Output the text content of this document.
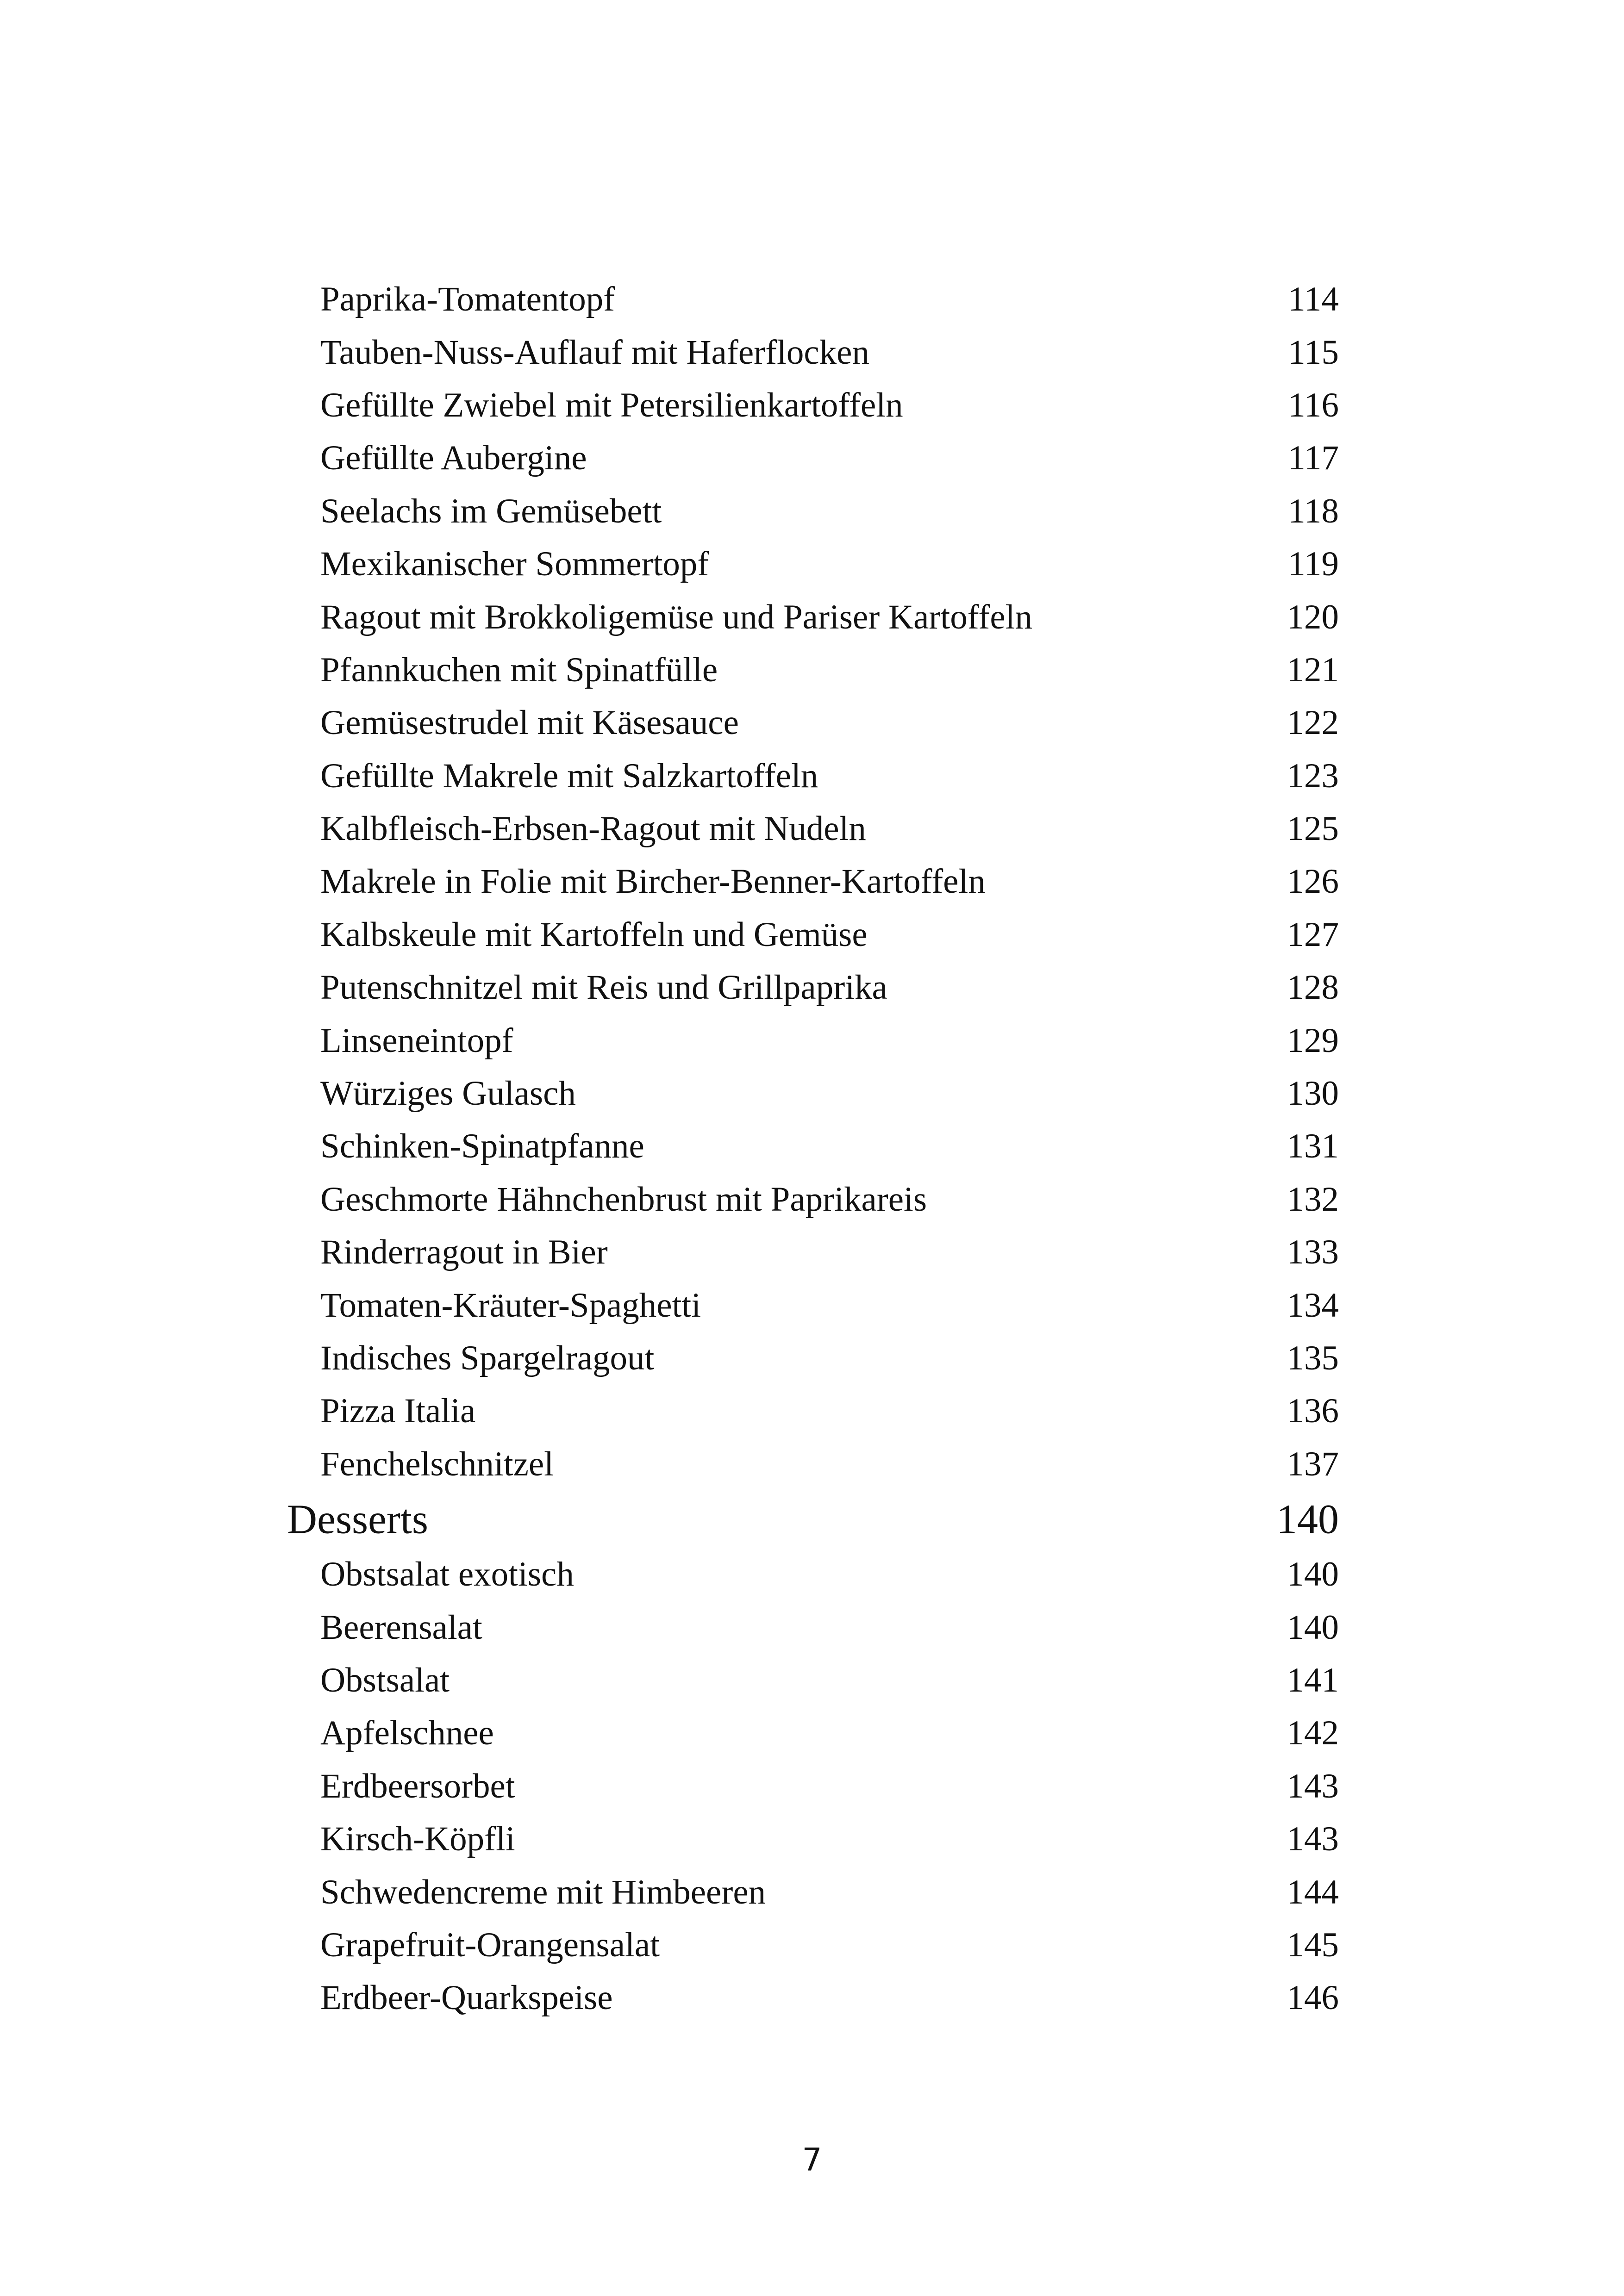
Paprika-Tomatentopf	114
Tauben-Nuss-Auflauf mit Haferflocken	115
Gefüllte Zwiebel mit Petersilienkartoffeln	116
Gefüllte Aubergine	117
Seelachs im Gemüsebett	118
Mexikanischer Sommertopf	119
Ragout mit Brokkoligemüse und Pariser Kartoffeln	120
Pfannkuchen mit Spinatfülle	121
Gemüsestrudel mit Käsesauce	122
Gefüllte Makrele mit Salzkartoffeln	123
Kalbfleisch-Erbsen-Ragout mit Nudeln	125
Makrele in Folie mit Bircher-Benner-Kartoffeln	126
Kalbskeule mit Kartoffeln und Gemüse	127
Putenschnitzel mit Reis und Grillpaprika	128
Linseneintopf	129
Würziges Gulasch	130
Schinken-Spinatpfanne	131
Geschmorte Hähnchenbrust mit Paprikareis	132
Rinderragout in Bier	133
Tomaten-Kräuter-Spaghetti	134
Indisches Spargelragout	135
Pizza Italia	136
Fenchelschnitzel	137
Desserts	140
Obstsalat exotisch	140
Beerensalat	140
Obstsalat	141
Apfelschnee	142
Erdbeersorbet	143
Kirsch-Köpfli	143
Schwedencreme mit Himbeeren	144
Grapefruit-Orangensalat	145
Erdbeer-Quarkspeise	146
7
